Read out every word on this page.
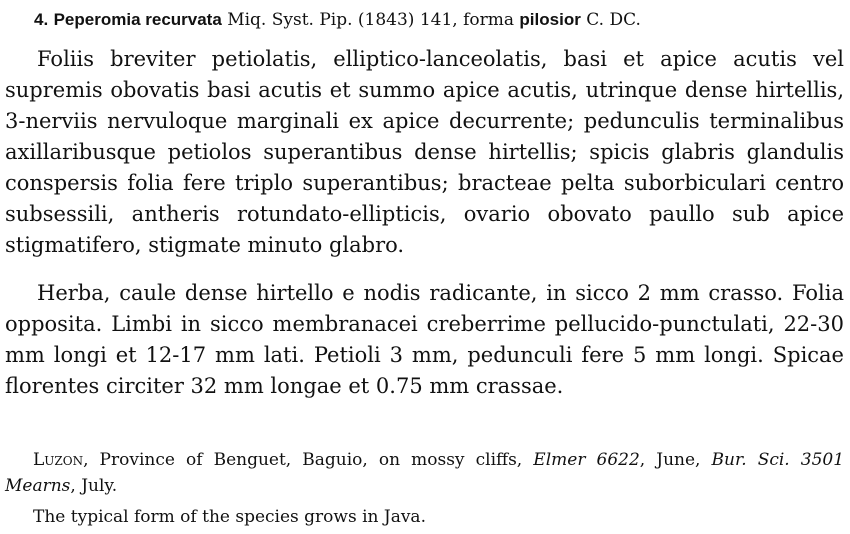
4. Peperomia recurvata Miq. Syst. Pip. (1843) 141, forma pilosior C. DC.
Foliis breviter petiolatis, elliptico-lanceolatis, basi et apice acutis vel supremis obovatis basi acutis et summo apice acutis, utrinque dense hirtellis, 3-nerviis nervuloque marginali ex apice decurrente; pedunculis terminalibus axillaribusque petiolos superantibus dense hirtellis; spicis glabris glandulis conspersis folia fere triplo superantibus; bracteae pelta suborbiculari centro subsessili, antheris rotundato-ellipticis, ovario obovato paullo sub apice stigmatifero, stigmate minuto glabro.
Herba, caule dense hirtello e nodis radicante, in sicco 2 mm crasso. Folia opposita. Limbi in sicco membranacei creberrime pellucido-punctulati, 22-30 mm longi et 12-17 mm lati. Petioli 3 mm, pedunculi fere 5 mm longi. Spicae florentes circiter 32 mm longae et 0.75 mm crassae.
Luzon, Province of Benguet, Baguio, on mossy cliffs, Elmer 6622, June, Bur. Sci. 3501 Mearns, July.
The typical form of the species grows in Java.
